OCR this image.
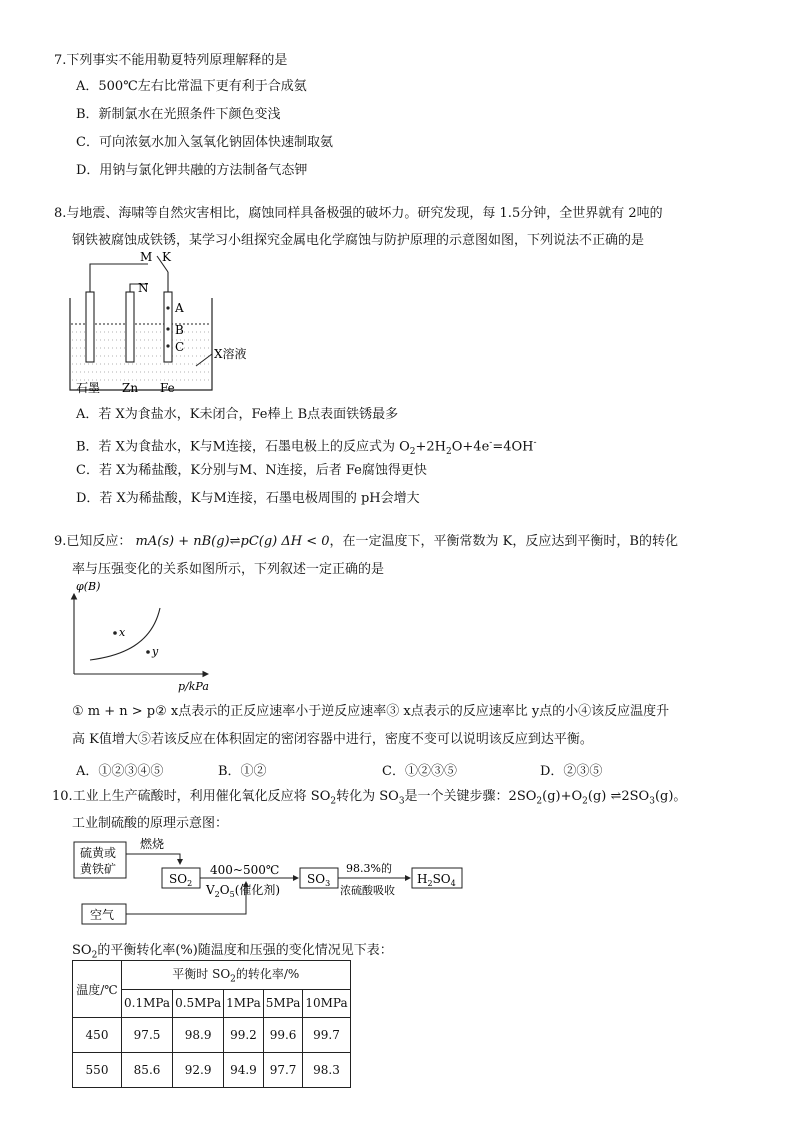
7.下列事实不能用勒夏特列原理解释的是
A．500℃左右比常温下更有利于合成氨
B．新制氯水在光照条件下颜色变浅
C．可向浓氨水加入氢氧化钠固体快速制取氨
D．用钠与氯化钾共融的方法制备气态钾
8.与地震、海啸等自然灾害相比，腐蚀同样具备极强的破坏力。研究发现，每 1.5分钟，全世界就有 2吨的
钢铁被腐蚀成铁锈，某学习小组探究金属电化学腐蚀与防护原理的示意图如图，下列说法不正确的是
M K
N
A
B
C X溶液
石墨 Zn Fe
A．若 X为食盐水，K未闭合，Fe棒上 B点表面铁锈最多
B．若 X为食盐水，K与M连接，石墨电极上的反应式为 $O_2+2H_2O+4e^-=4OH^-$
C．若 X为稀盐酸，K分别与M、N连接，后者 Fe腐蚀得更快
D．若 X为稀盐酸，K与M连接，石墨电极周围的 pH会增大
9.已知反应： mA(s) + nB(g)⇌pC(g) ΔH < 0，在一定温度下，平衡常数为 K，反应达到平衡时，B的转化
率与压强变化的关系如图所示，下列叙述一定正确的是
φ(B)
p/kPa
x
y
① m + n > p② x点表示的正反应速率小于逆反应速率③ x点表示的反应速率比 y点的小④该反应温度升
高 K值增大⑤若该反应在体积固定的密闭容器中进行，密度不变可以说明该反应到达平衡。
A．①②③④⑤	B．①②	C．①②③⑤	D．②③⑤
10.工业上生产硫酸时，利用催化氧化反应将 $SO_2$转化为 $SO_3$是一个关键步骤：$2SO_2(g)+O_2(g)$ $\rightleftharpoons 2SO_3(g)$。
工业制硫酸的原理示意图：
硫黄或
黄铁矿
燃烧
$SO_2$
400~500℃
$V_2O_5$(催化剂)
$SO_3$
98.3%的
浓硫酸吸收
$H_2SO_4$
空气
$SO_2$的平衡转化率(%)随温度和压强的变化情况见下表：
温度/℃	平衡时 $SO_2$的转化率/%				
	0.1MPa	0.5MPa	1MPa	5MPa	10MPa
450	97.5	98.9	99.2	99.6	99.7
550	85.6	92.9	94.9	97.7	98.3
